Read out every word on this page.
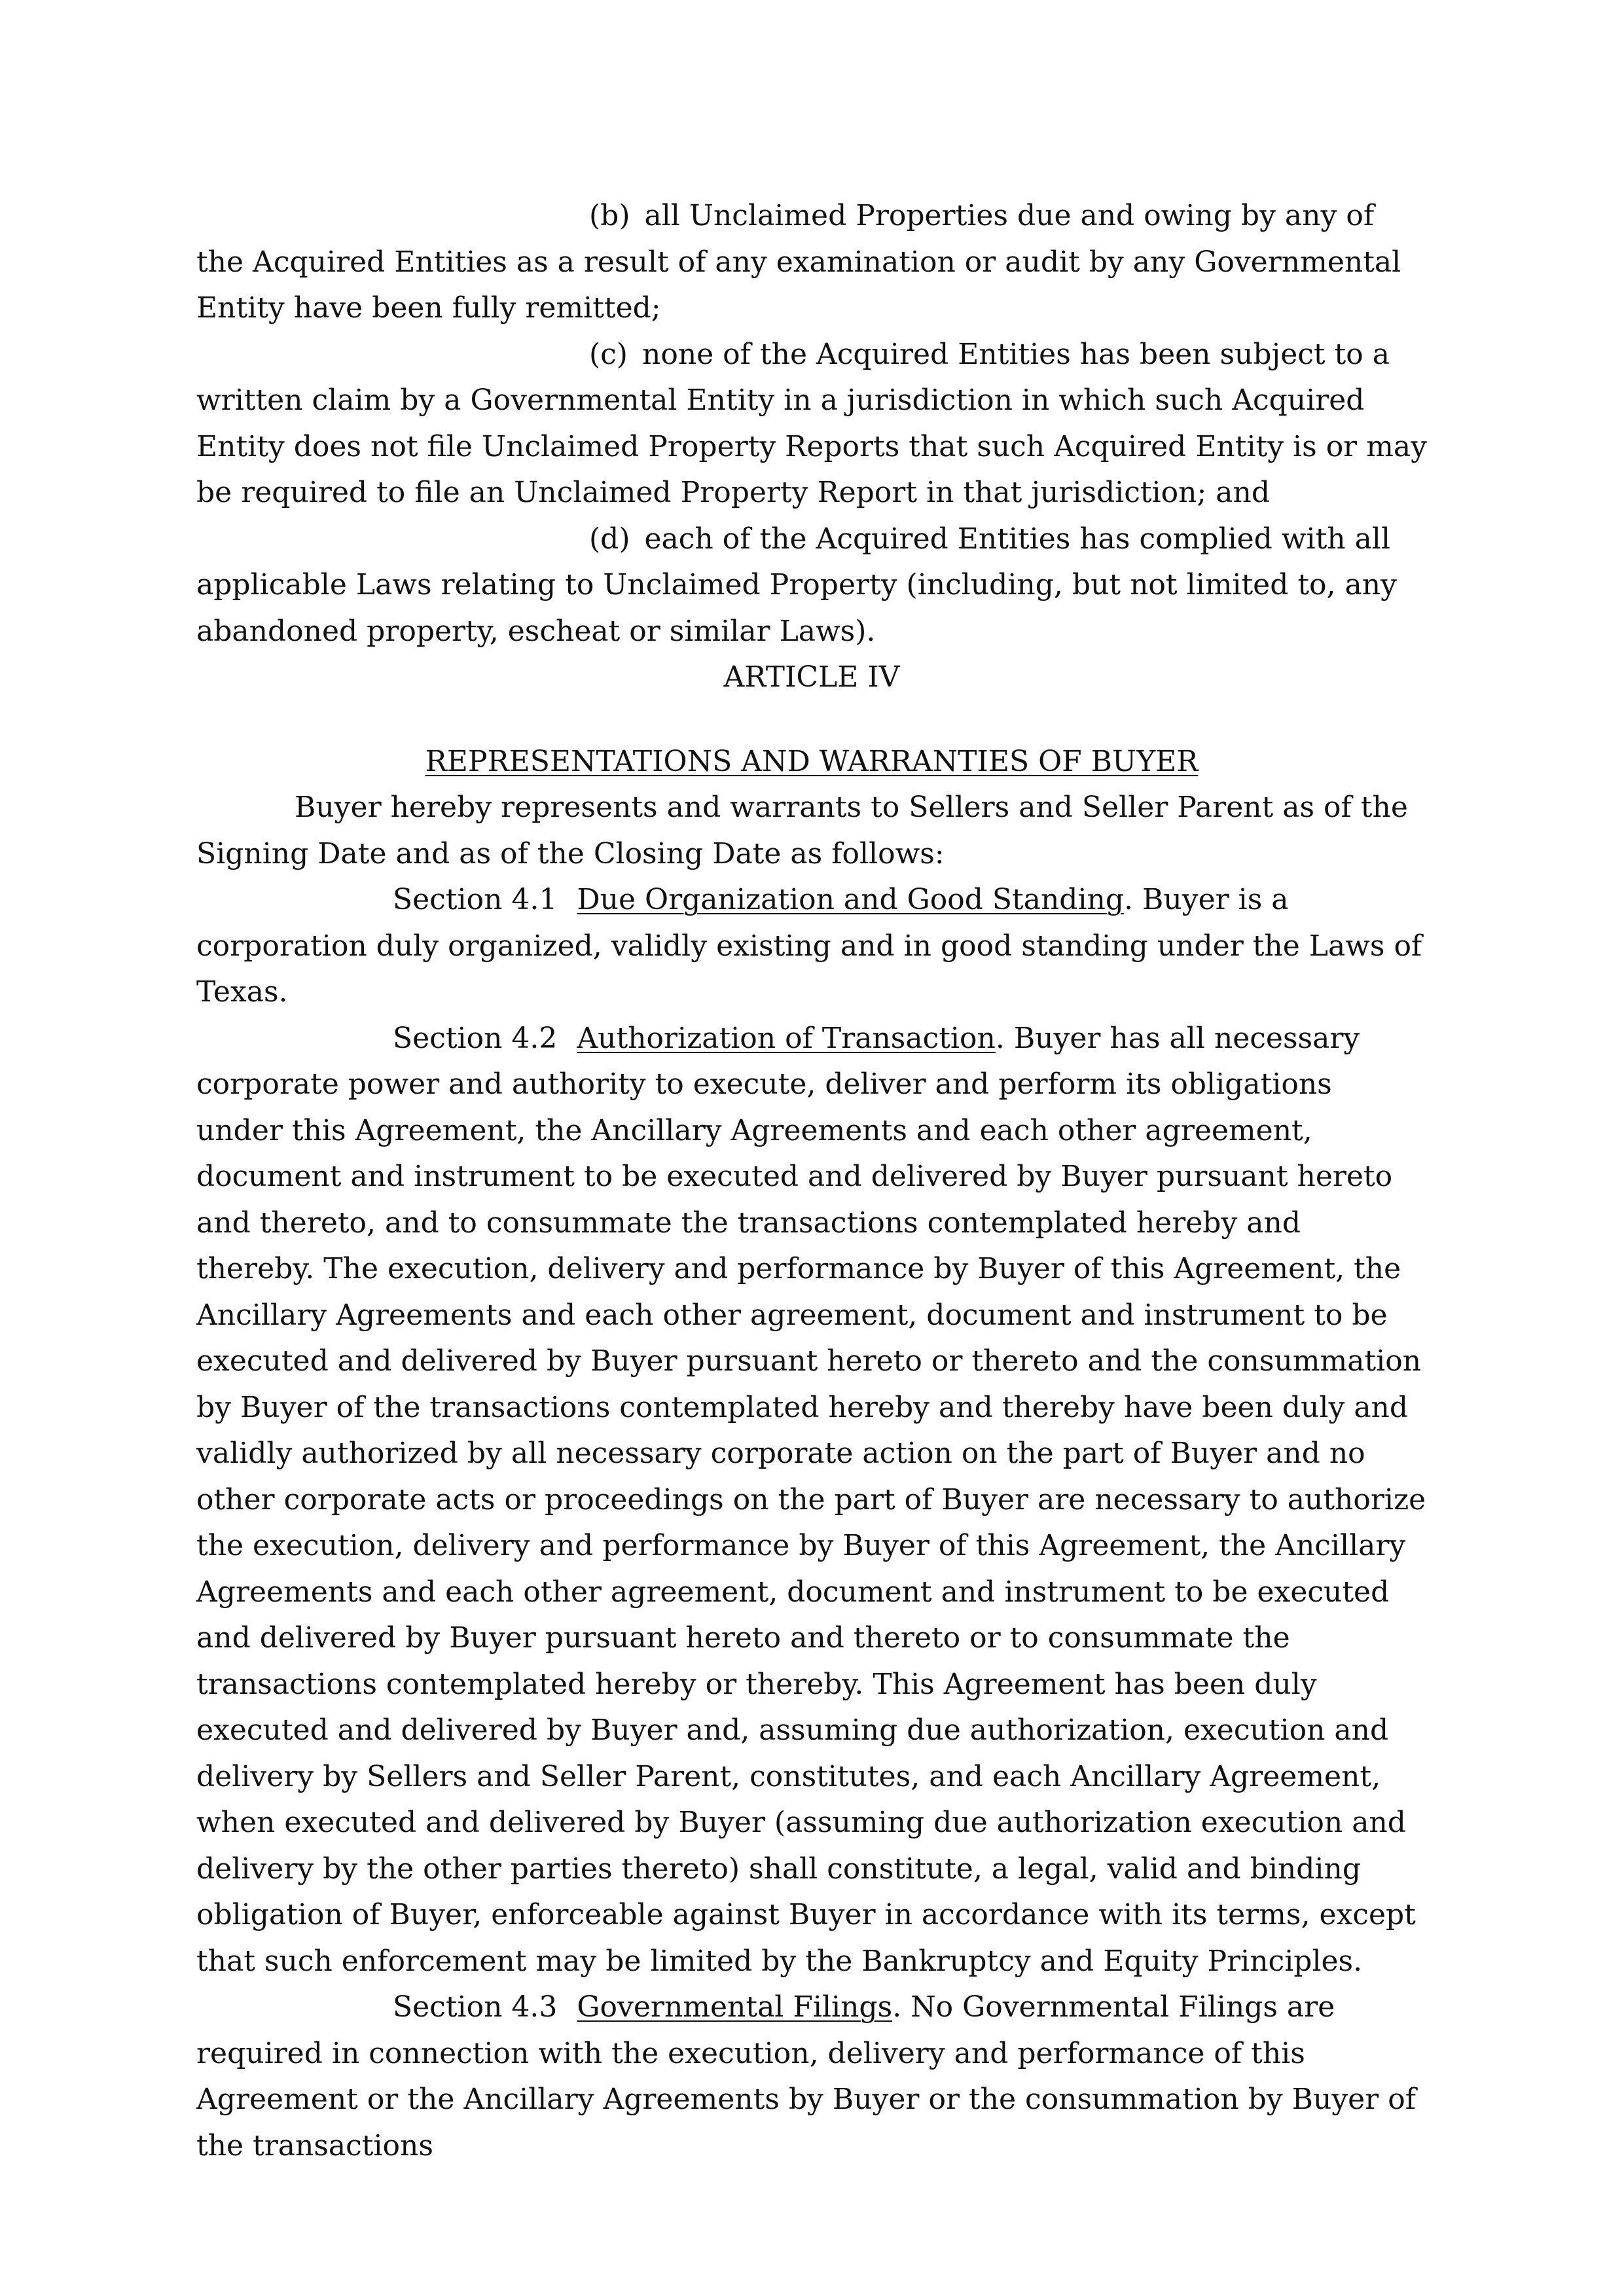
(b) all Unclaimed Properties due and owing by any of the Acquired Entities as a result of any examination or audit by any Governmental Entity have been fully remitted;

(c) none of the Acquired Entities has been subject to a written claim by a Governmental Entity in a jurisdiction in which such Acquired Entity does not file Unclaimed Property Reports that such Acquired Entity is or may be required to file an Unclaimed Property Report in that jurisdiction; and

(d) each of the Acquired Entities has complied with all applicable Laws relating to Unclaimed Property (including, but not limited to, any abandoned property, escheat or similar Laws).

ARTICLE IV

REPRESENTATIONS AND WARRANTIES OF BUYER

Buyer hereby represents and warrants to Sellers and Seller Parent as of the Signing Date and as of the Closing Date as follows:

Section 4.1 Due Organization and Good Standing. Buyer is a corporation duly organized, validly existing and in good standing under the Laws of Texas.

Section 4.2 Authorization of Transaction. Buyer has all necessary corporate power and authority to execute, deliver and perform its obligations under this Agreement, the Ancillary Agreements and each other agreement, document and instrument to be executed and delivered by Buyer pursuant hereto and thereto, and to consummate the transactions contemplated hereby and thereby. The execution, delivery and performance by Buyer of this Agreement, the Ancillary Agreements and each other agreement, document and instrument to be executed and delivered by Buyer pursuant hereto or thereto and the consummation by Buyer of the transactions contemplated hereby and thereby have been duly and validly authorized by all necessary corporate action on the part of Buyer and no other corporate acts or proceedings on the part of Buyer are necessary to authorize the execution, delivery and performance by Buyer of this Agreement, the Ancillary Agreements and each other agreement, document and instrument to be executed and delivered by Buyer pursuant hereto and thereto or to consummate the transactions contemplated hereby or thereby. This Agreement has been duly executed and delivered by Buyer and, assuming due authorization, execution and delivery by Sellers and Seller Parent, constitutes, and each Ancillary Agreement, when executed and delivered by Buyer (assuming due authorization execution and delivery by the other parties thereto) shall constitute, a legal, valid and binding obligation of Buyer, enforceable against Buyer in accordance with its terms, except that such enforcement may be limited by the Bankruptcy and Equity Principles.

Section 4.3 Governmental Filings. No Governmental Filings are required in connection with the execution, delivery and performance of this Agreement or the Ancillary Agreements by Buyer or the consummation by Buyer of the transactions
